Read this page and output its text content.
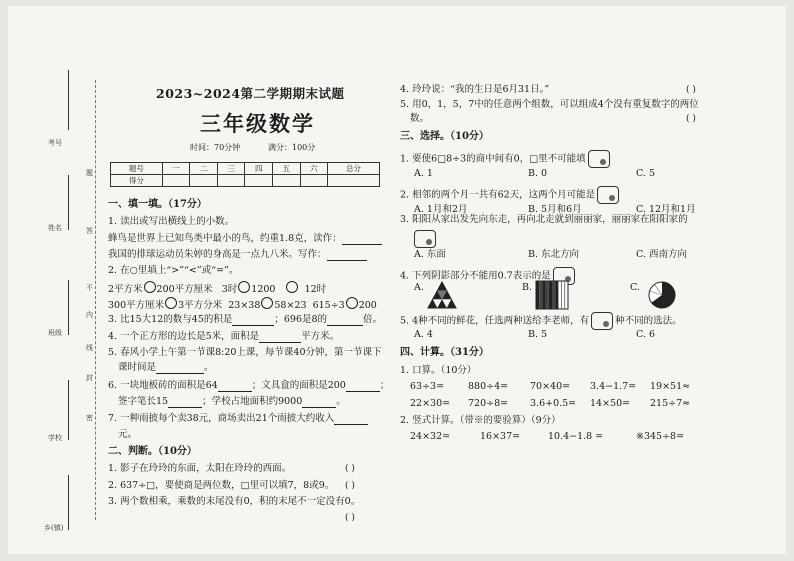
考号
姓名
班级
学校
乡(镇)
题
答
不
内
线
封
密
2023~2024第二学期期末试题
三年级数学
时间：70分钟	满分：100分
题号	一	二	三	四	五	六	总分
得分							
一、填一填。（17分）
1. 读出或写出横线上的小数。
蜂鸟是世界上已知鸟类中最小的鸟，约重1.8克，读作：
我国的排球运动员朱婷的身高是一点九八米。写作：
2. 在○里填上“>”“<”或“=”。
2平方米 200平方厘米 3时 1200	12时
300平方厘米 3平方分米 23×38 58×23 615÷3 200
3. 比15大12的数与45的积是	；696是8的	倍。
4. 一个正方形的边长是5米，面积是	平方米。
5. 春风小学上午第一节课8:20上课，每节课40分钟，第一节课下
课时间是	。
6. 一块地板砖的面积是64	；文具盒的面积是200	；
签字笔长15	；学校占地面积约9000	。
7. 一种雨披每个卖38元，商场卖出21个雨披大约收入
元。
二、判断。（10分）
1. 影子在玲玲的东面，太阳在玲玲的西面。	( )
2. 637÷□，要使商是两位数，□里可以填7，8或9。 ( )
3. 两个数相乘，乘数的末尾没有0，积的末尾不一定没有0。
( )
4. 玲玲说：“我的生日是6月31日。”	( )
5. 用0，1，5，7中的任意两个组数，可以组成4个没有重复数字的两位
数。	( )
三、选择。（10分）
1. 要使6□8÷3的商中间有0，□里不可能填
A. 1	B. 0	C. 5
2. 相邻的两个月一共有62天，这两个月可能是
A. 1月和2月	B. 5月和6月	C. 12月和1月
3. 阳阳从家出发先向东走，再向北走就到丽丽家，丽丽家在阳阳家的
A. 东面	B. 东北方向	C. 西南方向
4. 下列阴影部分不能用0.7表示的是
A.	B.	C.
5. 4种不同的鲜花，任选两种送给李老师，有	种不同的选法。
A. 4	B. 5	C. 6
四、计算。（31分）
1. 口算。（10分）
63÷3=	880÷4= 70×40= 3.4−1.7= 19×51≈
22×30= 720÷8= 3.6+0.5= 14×50= 215÷7≈
2. 竖式计算。（带※的要验算）（9分）
24×32=	16×37=	10.4−1.8 =	※345÷8=
